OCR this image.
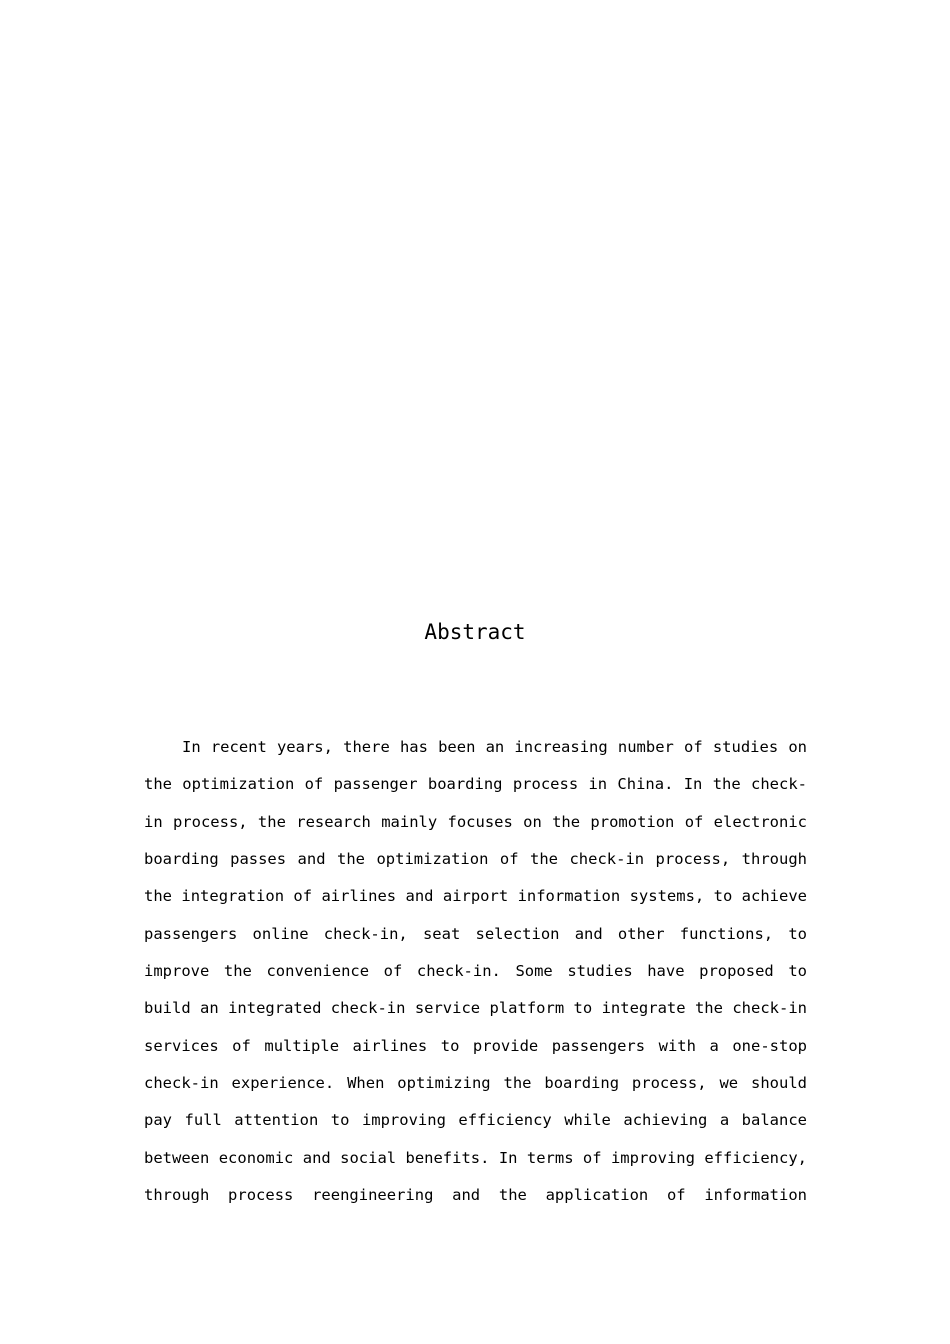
Abstract
In recent years, there has been an increasing number of studies on
the optimization of passenger boarding process in China. In the check-
in process, the research mainly focuses on the promotion of electronic
boarding passes and the optimization of the check-in process, through
the integration of airlines and airport information systems, to achieve
passengers online check-in, seat selection and other functions, to
improve the convenience of check-in. Some studies have proposed to
build an integrated check-in service platform to integrate the check-in
services of multiple airlines to provide passengers with a one-stop
check-in experience. When optimizing the boarding process, we should
pay full attention to improving efficiency while achieving a balance
between economic and social benefits. In terms of improving efficiency,
through process reengineering and the application of information
